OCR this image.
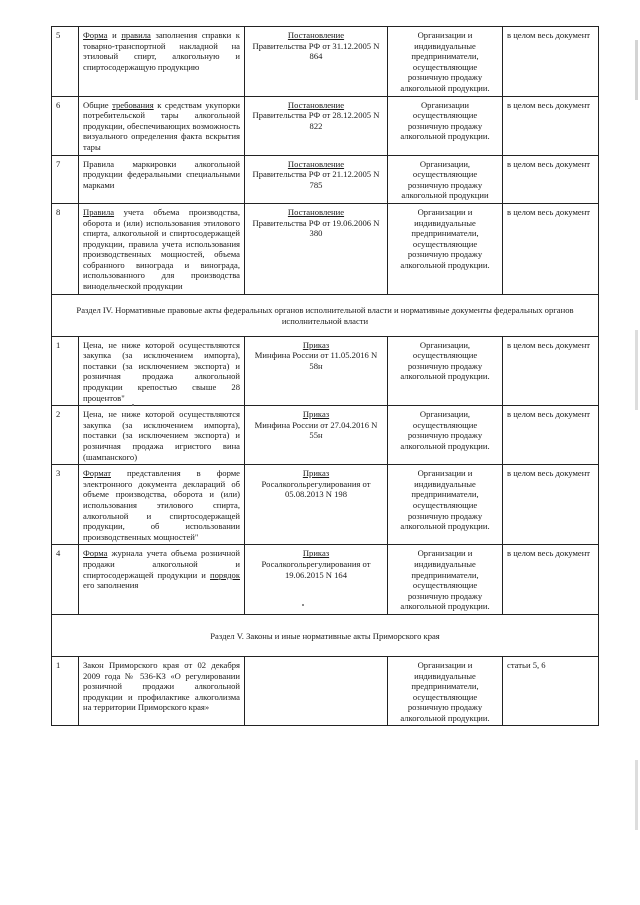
5	Форма и правила заполнения справки к товарно-транспортной накладной на этиловый спирт, алкогольную и спиртосодержащую продукцию	Постановление
Правительства РФ от 31.12.2005 N 864	Организации и индивидуальные предприниматели, осуществляющие розничную продажу алкогольной продукции.	в целом весь документ
6	Общие требования к средствам укупорки потребительской тары алкогольной продукции, обеспечивающих возможность визуального определения факта вскрытия тары	Постановление
Правительства РФ от 28.12.2005 N 822	Организации осуществляющие розничную продажу алкогольной продукции.	в целом весь документ
7	Правила маркировки алкогольной продукции федеральными специальными марками	Постановление
Правительства РФ от 21.12.2005 N 785	Организации, осуществляющие розничную продажу алкогольной продукции	в целом весь документ
8	Правила учета объема производства, оборота и (или) использования этилового спирта, алкогольной и спиртосодержащей продукции, правила учета использования производственных мощностей, объема собранного винограда и винограда, использованного для производства винодельческой продукции	Постановление
Правительства РФ от 19.06.2006 N 380	Организации и индивидуальные предприниматели, осуществляющие розничную продажу алкогольной продукции.	в целом весь документ
Раздел IV. Нормативные правовые акты федеральных органов исполнительной власти и нормативные документы федеральных органов исполнительной власти				
1	Цена, не ниже которой осуществляются закупка (за исключением импорта), поставки (за исключением экспорта) и розничная продажа алкогольной продукции крепостью свыше 28 процентов"	Приказ
Минфина России от 11.05.2016 N 58н	Организации, осуществляющие розничную продажу алкогольной продукции.	в целом весь документ
2	Цена, не ниже которой осуществляются закупка (за исключением импорта), поставки (за исключением экспорта) и розничная продажа игристого вина (шампанского)	Приказ
Минфина России от 27.04.2016 N 55н	Организации, осуществляющие розничную продажу алкогольной продукции.	в целом весь документ
3	Формат представления в форме электронного документа деклараций об объеме производства, оборота и (или) использования этилового спирта, алкогольной и спиртосодержащей продукции, об использовании производственных мощностей"	Приказ
Росалкогольрегулирования от 05.08.2013 N 198	Организации и индивидуальные предприниматели, осуществляющие розничную продажу алкогольной продукции.	в целом весь документ
4	Форма журнала учета объема розничной продажи алкогольной и спиртосодержащей продукции и порядок его заполнения	Приказ
Росалкогольрегулирования от 19.06.2015 N 164	Организации и индивидуальные предприниматели, осуществляющие розничную продажу алкогольной продукции.	в целом весь документ
Раздел V. Законы и иные нормативные акты Приморского края				
1	Закон Приморского края от 02 декабря 2009 года № 536-КЗ «О регулировании розничной продажи алкогольной продукции и профилактике алкоголизма на территории Приморского края»		Организации и индивидуальные предприниматели, осуществляющие розничную продажу алкогольной продукции.	статьи 5, 6
